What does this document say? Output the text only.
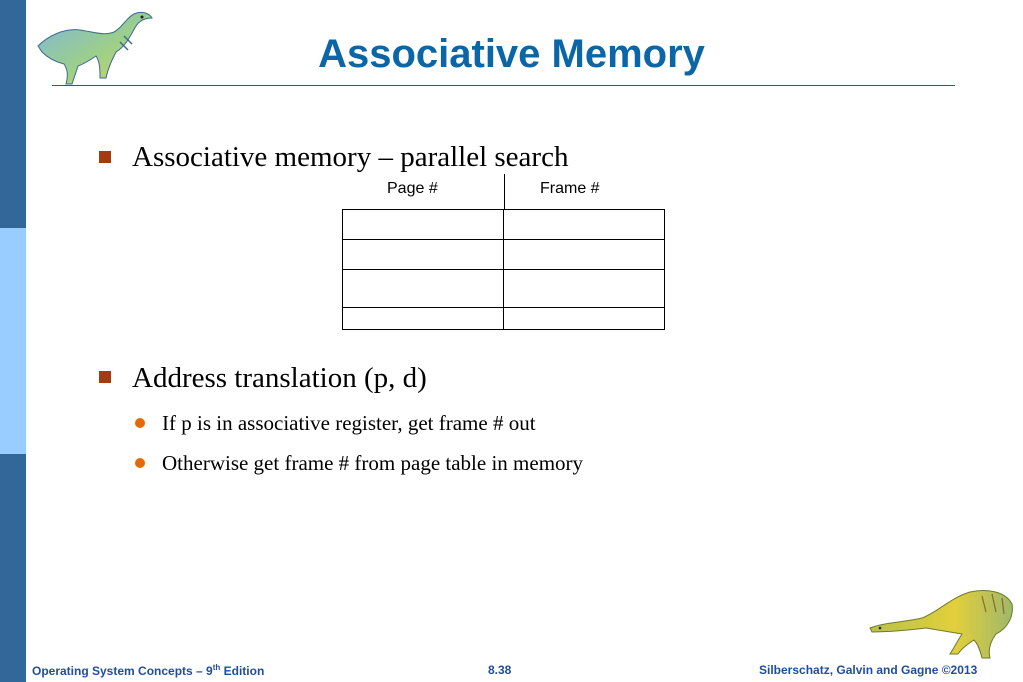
Associative Memory
Associative memory – parallel search
Page #	Frame #

Address translation (p, d)
If p is in associative register, get frame # out
Otherwise get frame # from page table in memory
Operating System Concepts – 9th Edition	8.38	Silberschatz, Galvin and Gagne ©2013
